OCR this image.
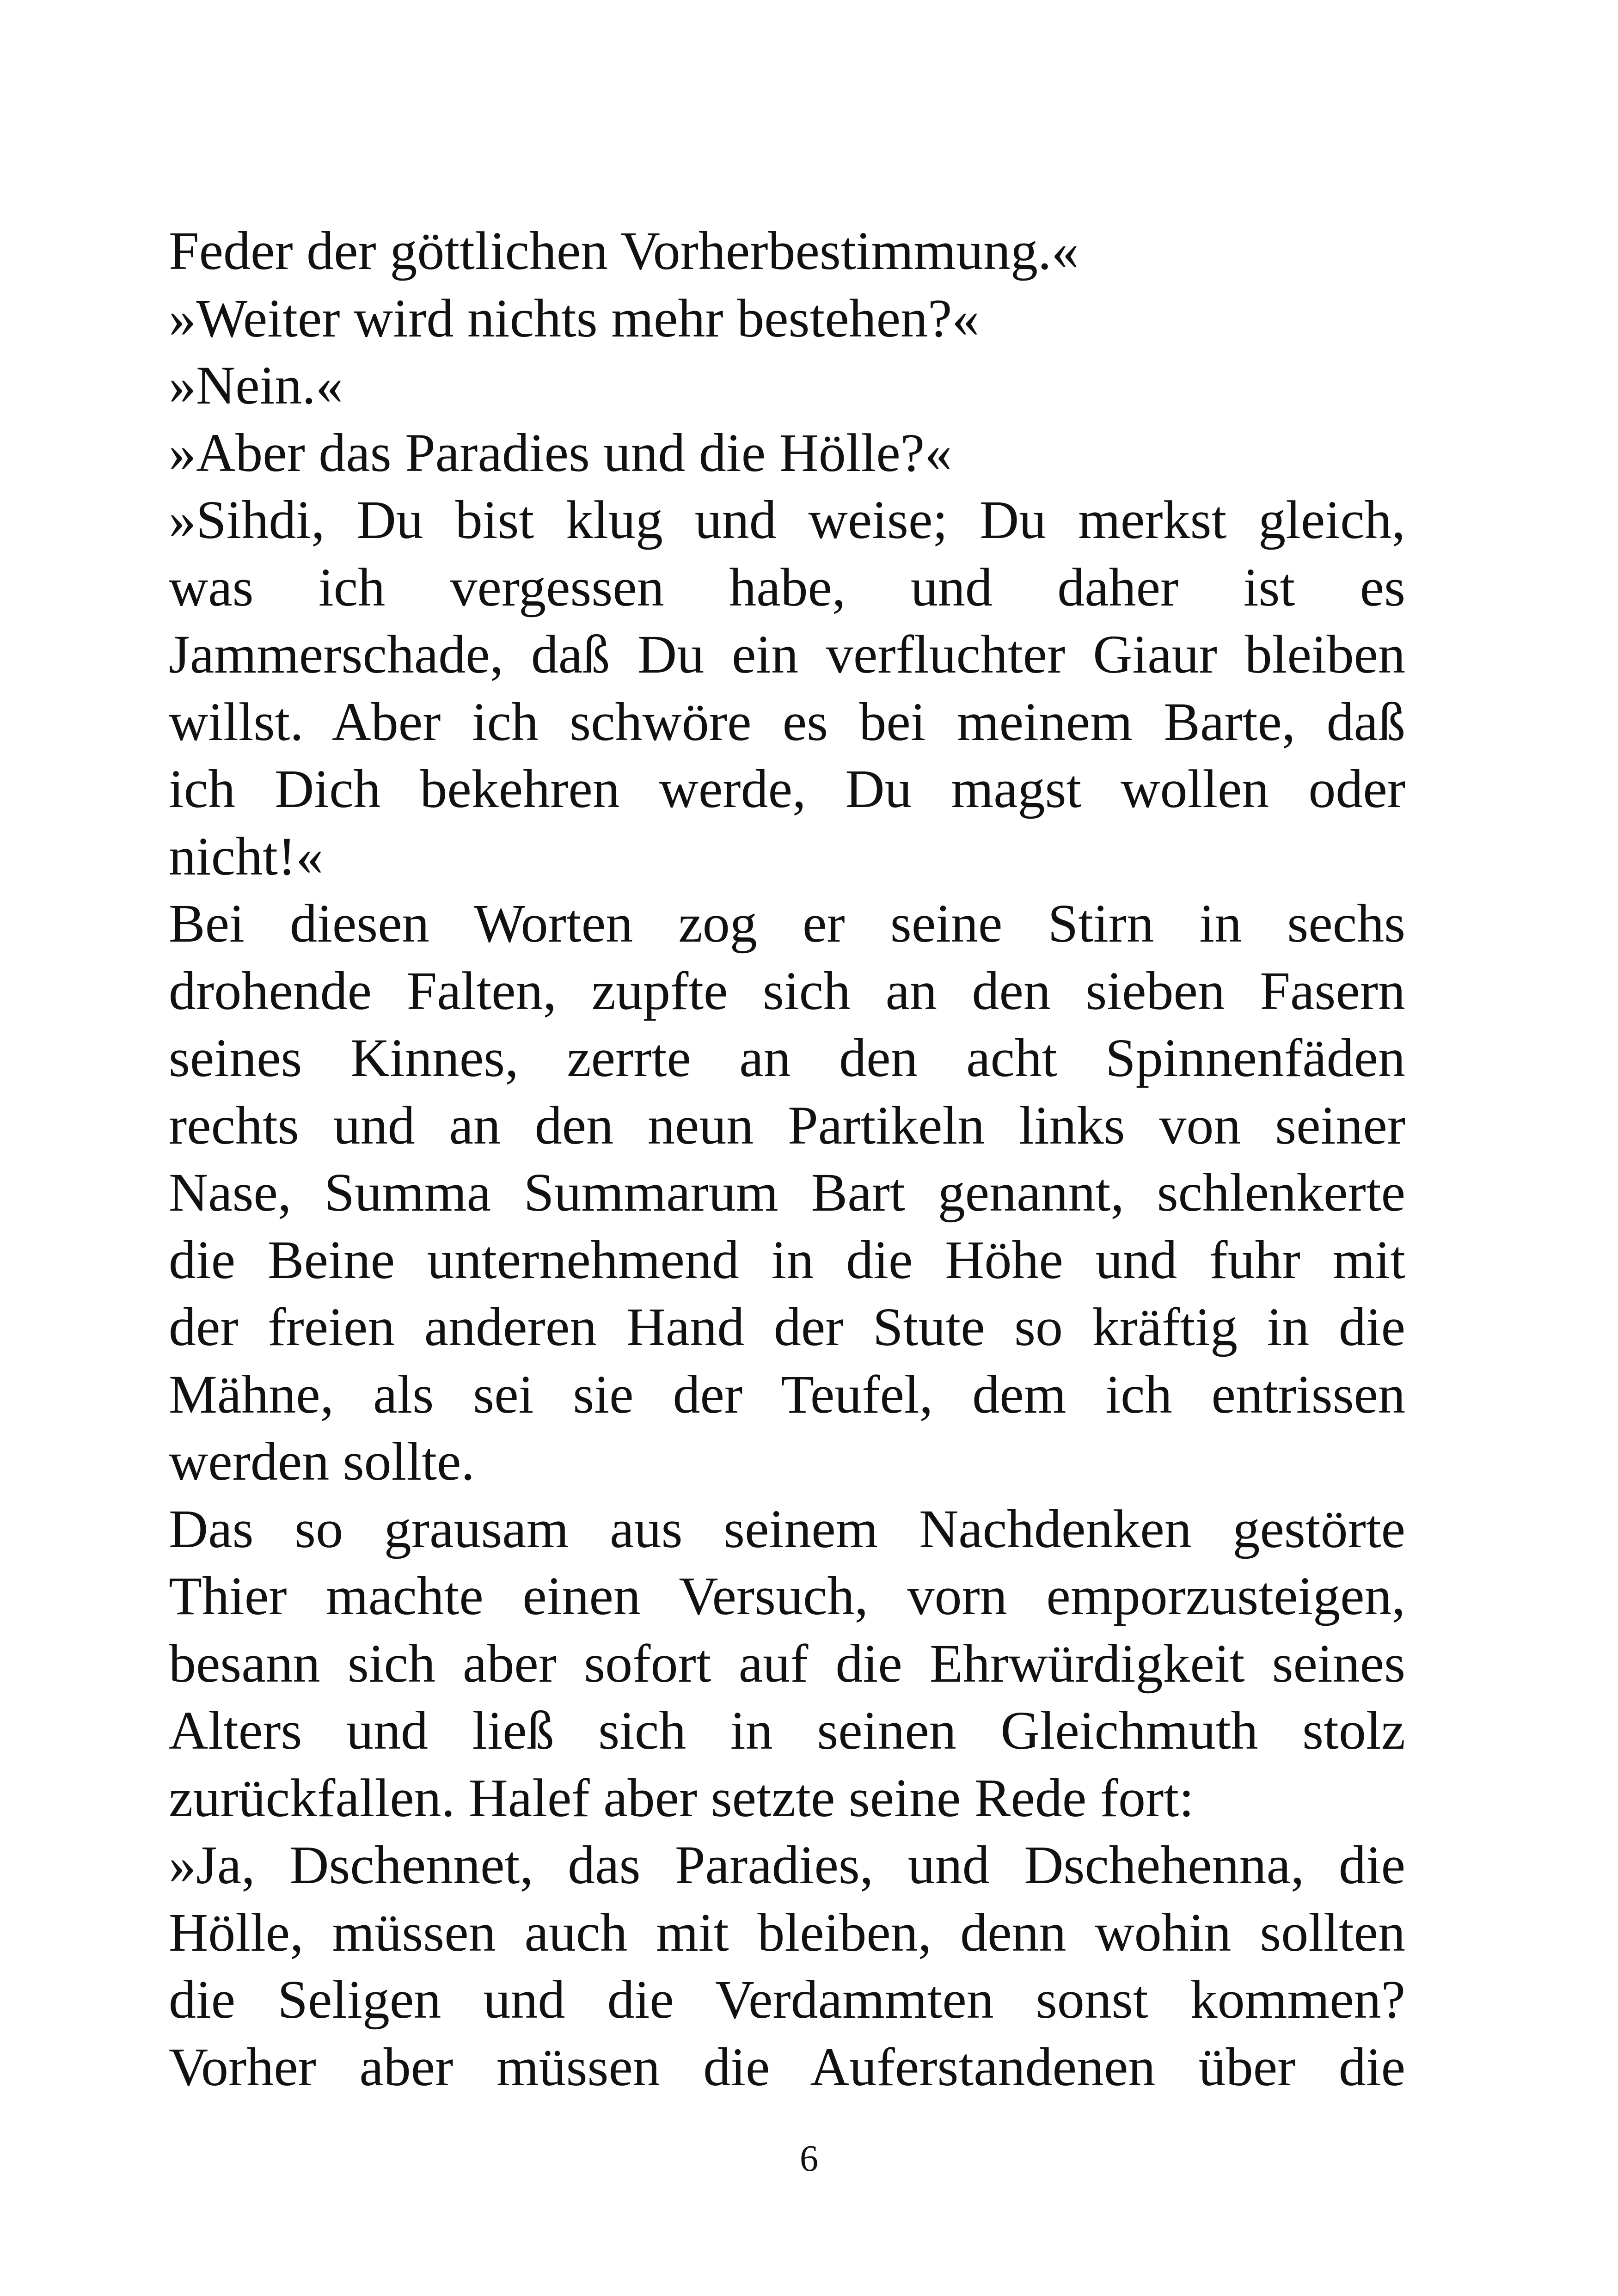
Feder der göttlichen Vorherbestimmung.«
»Weiter wird nichts mehr bestehen?«
»Nein.«
»Aber das Paradies und die Hölle?«
»Sihdi, Du bist klug und weise; Du merkst gleich,
was ich vergessen habe, und daher ist es
Jammerschade, daß Du ein verfluchter Giaur bleiben
willst. Aber ich schwöre es bei meinem Barte, daß
ich Dich bekehren werde, Du magst wollen oder
nicht!«
Bei diesen Worten zog er seine Stirn in sechs
drohende Falten, zupfte sich an den sieben Fasern
seines Kinnes, zerrte an den acht Spinnenfäden
rechts und an den neun Partikeln links von seiner
Nase, Summa Summarum Bart genannt, schlenkerte
die Beine unternehmend in die Höhe und fuhr mit
der freien anderen Hand der Stute so kräftig in die
Mähne, als sei sie der Teufel, dem ich entrissen
werden sollte.
Das so grausam aus seinem Nachdenken gestörte
Thier machte einen Versuch, vorn emporzusteigen,
besann sich aber sofort auf die Ehrwürdigkeit seines
Alters und ließ sich in seinen Gleichmuth stolz
zurückfallen. Halef aber setzte seine Rede fort:
»Ja, Dschennet, das Paradies, und Dschehenna, die
Hölle, müssen auch mit bleiben, denn wohin sollten
die Seligen und die Verdammten sonst kommen?
Vorher aber müssen die Auferstandenen über die
6
